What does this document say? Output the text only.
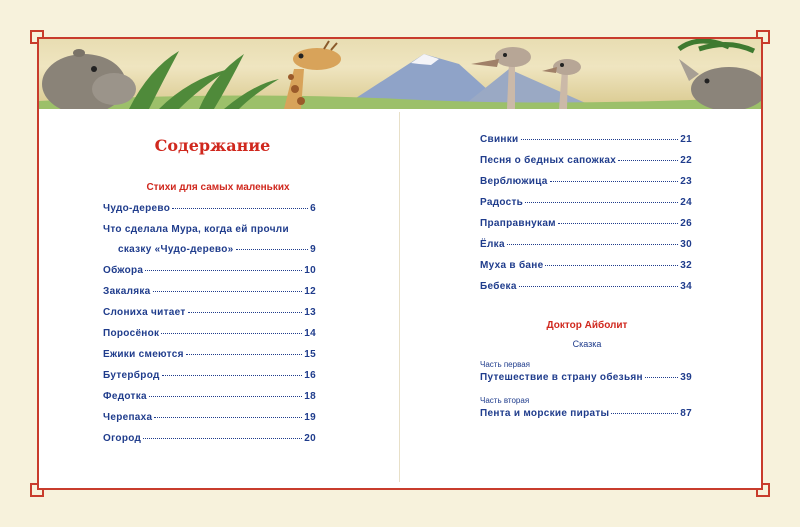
Содержание
Стихи для самых маленьких
Чудо-дерево	6
Что сделала Мура, когда ей прочли
сказку «Чудо-дерево»	9
Обжора	10
Закаляка	12
Слониха читает	13
Поросёнок	14
Ежики смеются	15
Бутерброд	16
Федотка	18
Черепаха	19
Огород	20
Свинки	21
Песня о бедных сапожках	22
Верблюжица	23
Радость	24
Праправнукам	26
Ёлка	30
Муха в бане	32
Бебека	34
Доктор Айболит
Сказка
Часть первая
Путешествие в страну обезьян	39
Часть вторая
Пента и морские пираты	87
